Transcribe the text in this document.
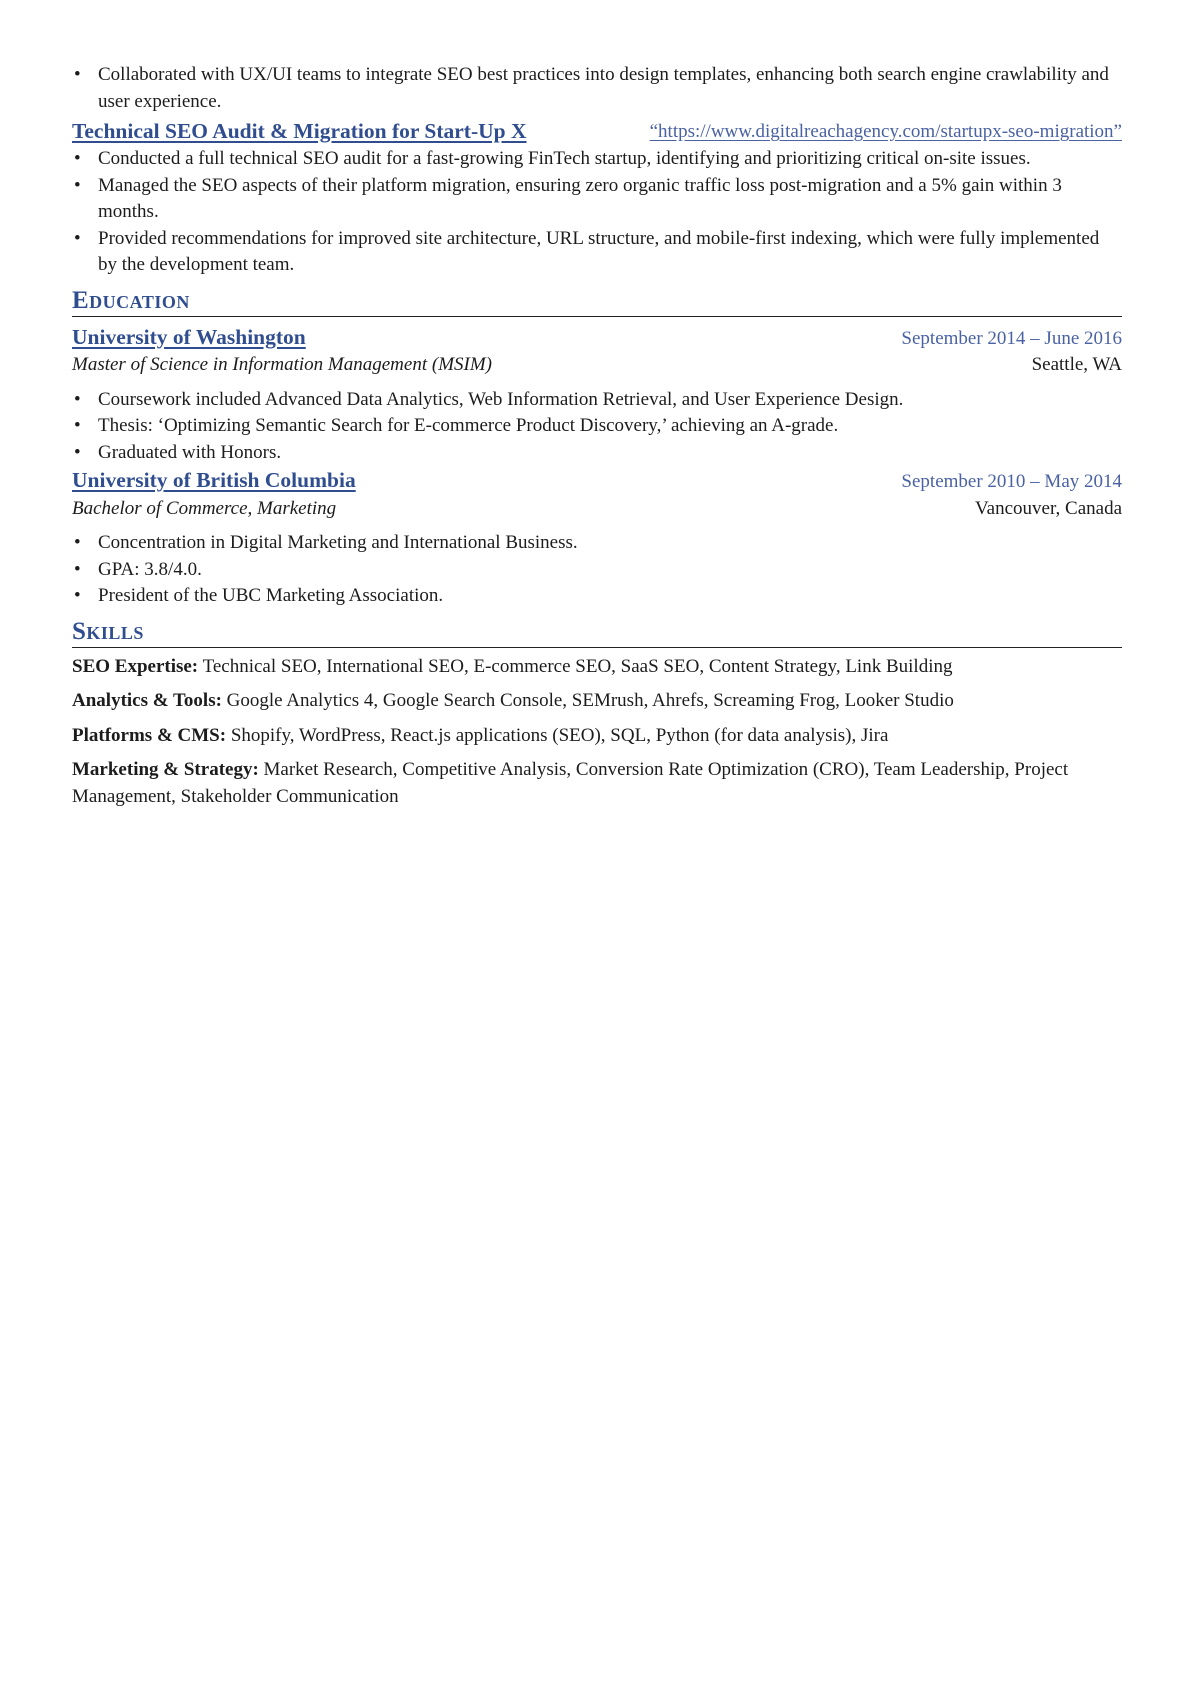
• Collaborated with UX/UI teams to integrate SEO best practices into design templates, enhancing both search engine crawlability and user experience.
Technical SEO Audit & Migration for Start-Up X	“https://www.digitalreachagency.com/startupx-seo-migration”
• Conducted a full technical SEO audit for a fast-growing FinTech startup, identifying and prioritizing critical on-site issues.
• Managed the SEO aspects of their platform migration, ensuring zero organic traffic loss post-migration and a 5% gain within 3 months.
• Provided recommendations for improved site architecture, URL structure, and mobile-first indexing, which were fully implemented by the development team.
Education
University of Washington	September 2014 – June 2016
Master of Science in Information Management (MSIM)	Seattle, WA
• Coursework included Advanced Data Analytics, Web Information Retrieval, and User Experience Design.
• Thesis: ‘Optimizing Semantic Search for E-commerce Product Discovery,’ achieving an A-grade.
• Graduated with Honors.
University of British Columbia	September 2010 – May 2014
Bachelor of Commerce, Marketing	Vancouver, Canada
• Concentration in Digital Marketing and International Business.
• GPA: 3.8/4.0.
• President of the UBC Marketing Association.
Skills
SEO Expertise: Technical SEO, International SEO, E-commerce SEO, SaaS SEO, Content Strategy, Link Building
Analytics & Tools: Google Analytics 4, Google Search Console, SEMrush, Ahrefs, Screaming Frog, Looker Studio
Platforms & CMS: Shopify, WordPress, React.js applications (SEO), SQL, Python (for data analysis), Jira
Marketing & Strategy: Market Research, Competitive Analysis, Conversion Rate Optimization (CRO), Team Leadership, Project Management, Stakeholder Communication
